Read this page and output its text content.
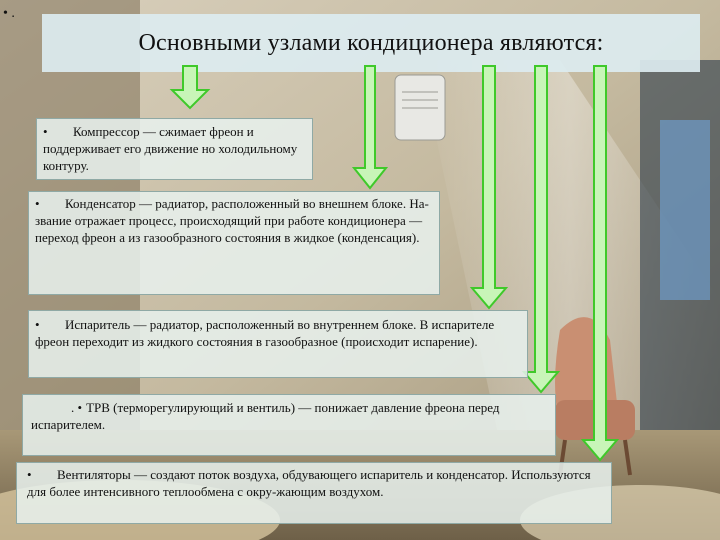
• .
Основными узлами кондиционера являются:

• Компрессор — сжимает фреон и поддерживает его движение но холодильному контуру.

• Конденсатор — радиатор, расположенный во внешнем блоке. На-звание отражает процесс, происходящий при работе кондиционера — переход фреон а из газообразного состояния в жидкое (конденсация).

• Испаритель — радиатор, расположенный во внутреннем блоке. В испарителе фреон переходит из жидкого состояния в газообразное (происходит испарение).

. • ТРВ (терморегулирующий и вентиль) — понижает давление фреона перед испарителем.

• Вентиляторы — создают поток воздуха, обдувающего испаритель и конденсатор. Используются для более интенсивного теплообмена с окру-жающим воздухом.
